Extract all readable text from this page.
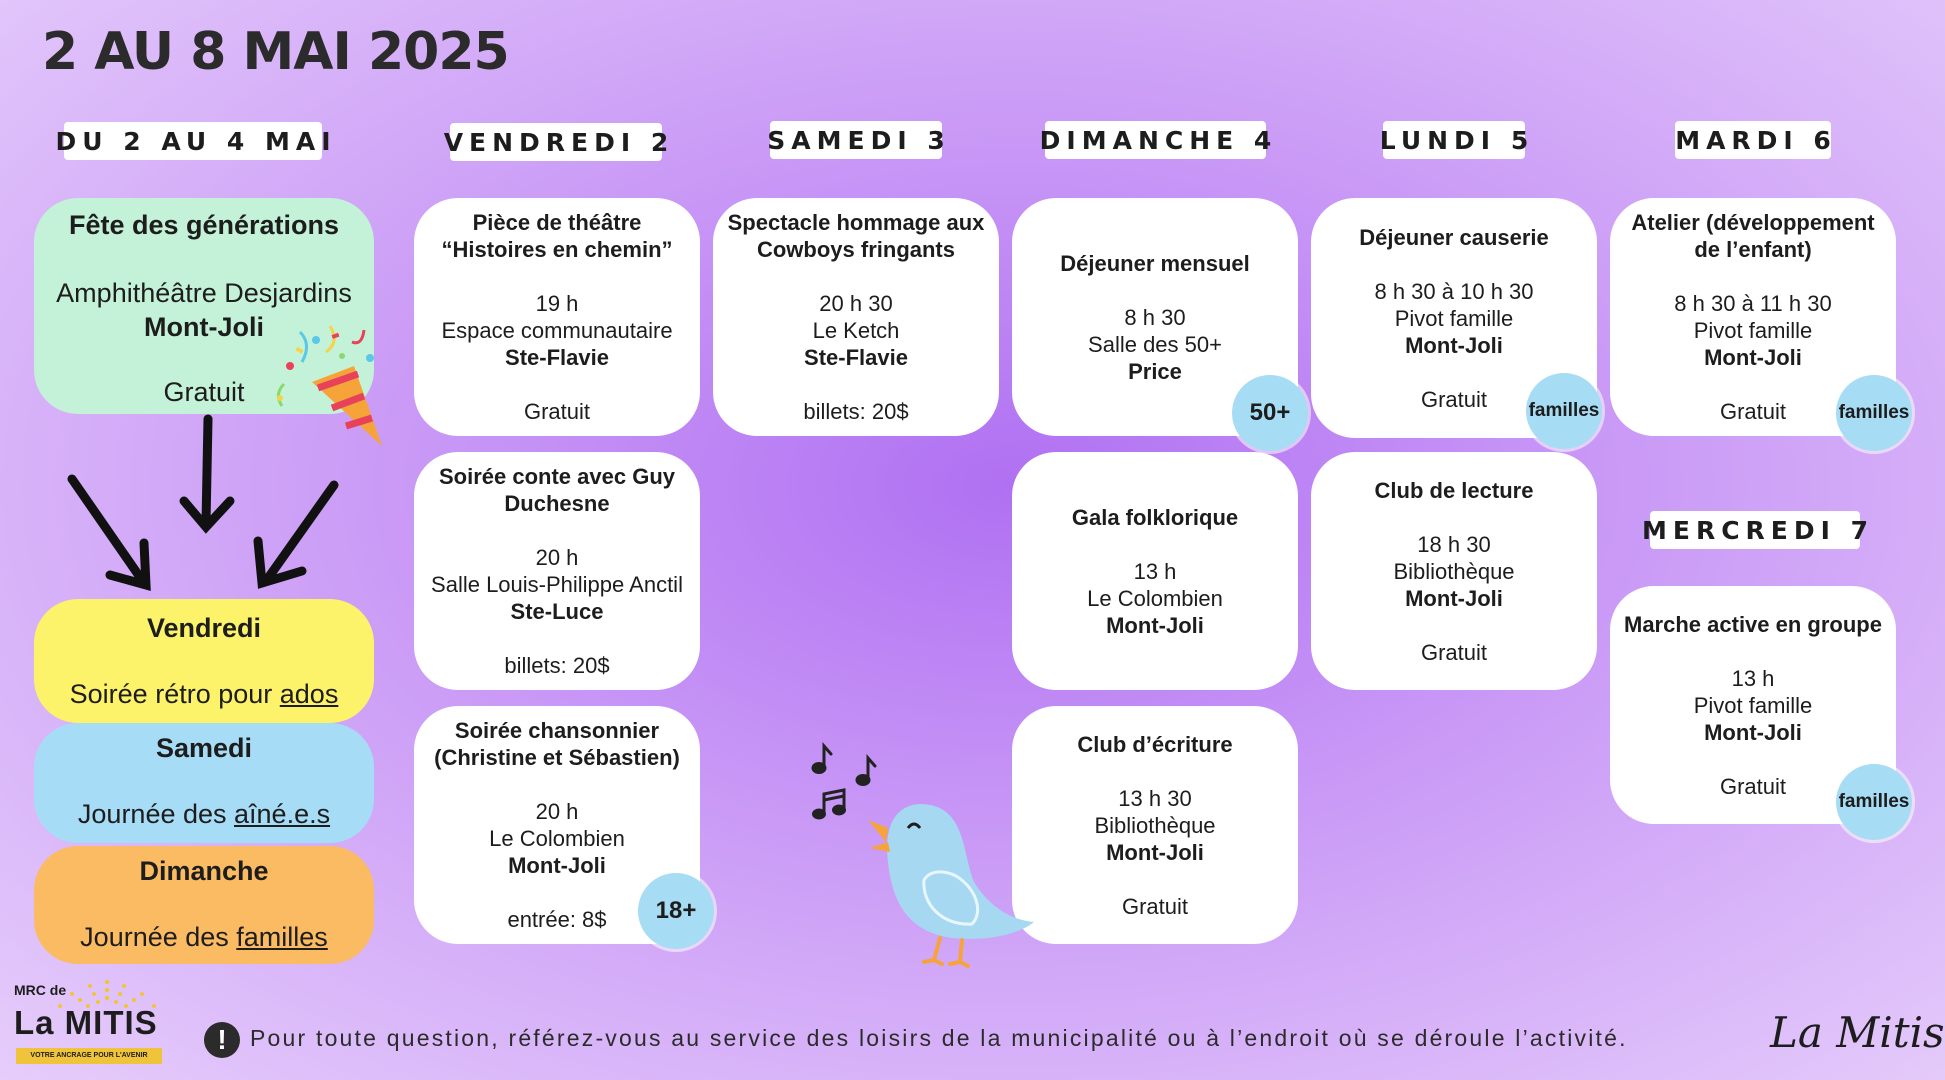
2 AU 8 MAI 2025
DU 2 AU 4 MAI	VENDREDI 2	SAMEDI 3	DIMANCHE 4	LUNDI 5	MARDI 6
MERCREDI 7
Fête des générations
Amphithéâtre Desjardins
Mont-Joli
Gratuit
Vendredi
Soirée rétro pour ados
Samedi
Journée des aîné.e.s
Dimanche
Journée des familles
Pièce de théâtre
“Histoires en chemin”
19 h
Espace communautaire
Ste-Flavie
Gratuit
Soirée conte avec Guy
Duchesne
20 h
Salle Louis-Philippe Anctil
Ste-Luce
billets: 20$
Soirée chansonnier
(Christine et Sébastien)
20 h
Le Colombien
Mont-Joli
entrée: 8$	18+
Spectacle hommage aux
Cowboys fringants
20 h 30
Le Ketch
Ste-Flavie
billets: 20$
Déjeuner mensuel
8 h 30
Salle des 50+
Price
50+
Gala folklorique
13 h
Le Colombien
Mont-Joli
Club d’écriture
13 h 30
Bibliothèque
Mont-Joli
Gratuit
Déjeuner causerie
8 h 30 à 10 h 30
Pivot famille
Mont-Joli
Gratuit	familles
Club de lecture
18 h 30
Bibliothèque
Mont-Joli
Gratuit
Atelier (développement
de l’enfant)
8 h 30 à 11 h 30
Pivot famille
Mont-Joli
Gratuit	familles
Marche active en groupe
13 h
Pivot famille
Mont-Joli
Gratuit
familles
!	Pour toute question, référez-vous au service des loisirs de la municipalité ou à l’endroit où se déroule l’activité.
MRC de
La MITIS
VOTRE ANCRAGE POUR L'AVENIR	La Mitis
